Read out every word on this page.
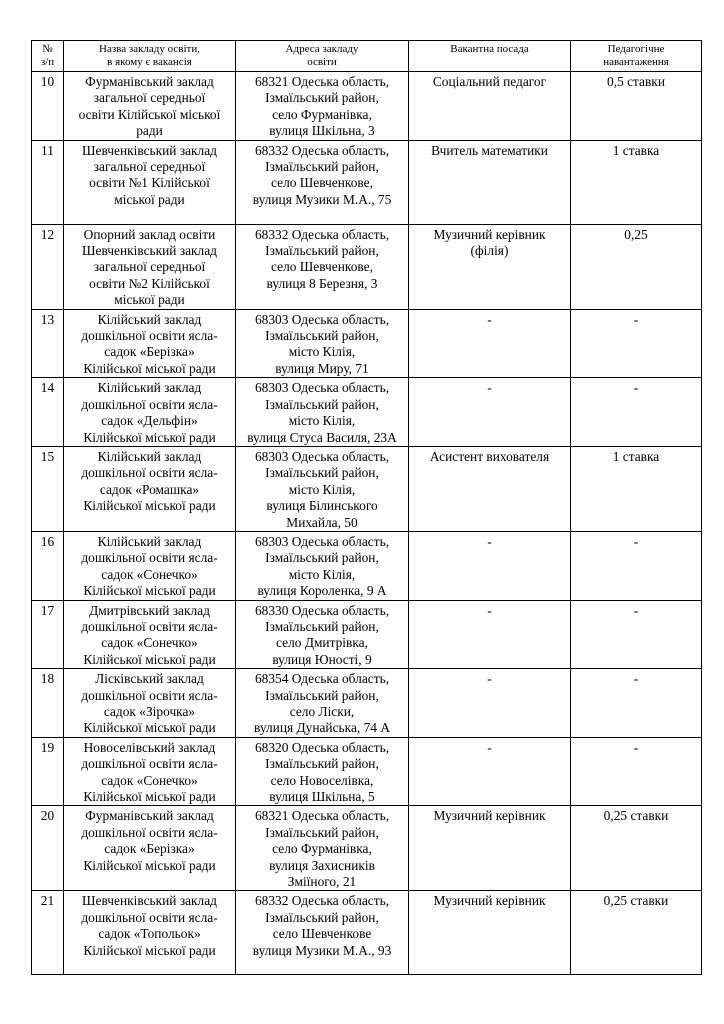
№
з/п	Назва закладу освіти,
в якому є вакансія	Адреса закладу
освіти	Вакантна посада	Педагогічне
навантаження
10	Фурманівський заклад
загальної середньої
освіти Кілійської міської
ради	68321 Одеська область,
Ізмаїльський район,
село Фурманівка,
вулиця Шкільна, 3	Соціальний педагог	0,5 ставки
11	Шевченківський заклад
загальної середньої
освіти №1 Кілійської
міської ради	68332 Одеська область,
Ізмаїльський район,
село Шевченкове,
вулиця Музики М.А., 75	Вчитель математики	1 ставка
12	Опорний заклад освіти
Шевченківський заклад
загальної середньої
освіти №2 Кілійської
міської ради	68332 Одеська область,
Ізмаїльський район,
село Шевченкове,
вулиця 8 Березня, 3	Музичний керівник
(філія)	0,25
13	Кілійський заклад
дошкільної освіти ясла-
садок «Берізка»
Кілійської міської ради	68303 Одеська область,
Ізмаїльський район,
місто Кілія,
вулиця Миру, 71	-	-
14	Кілійський заклад
дошкільної освіти ясла-
садок «Дельфін»
Кілійської міської ради	68303 Одеська область,
Ізмаїльський район,
місто Кілія,
вулиця Стуса Василя, 23А	-	-
15	Кілійський заклад
дошкільної освіти ясла-
садок «Ромашка»
Кілійської міської ради	68303 Одеська область,
Ізмаїльський район,
місто Кілія,
вулиця Білинського
Михайла, 50	Асистент вихователя	1 ставка
16	Кілійський заклад
дошкільної освіти ясла-
садок «Сонечко»
Кілійської міської ради	68303 Одеська область,
Ізмаїльський район,
місто Кілія,
вулиця Короленка, 9 А	-	-
17	Дмитрівський заклад
дошкільної освіти ясла-
садок «Сонечко»
Кілійської міської ради	68330 Одеська область,
Ізмаїльський район,
село Дмитрівка,
вулиця Юності, 9	-	-
18	Лісківський заклад
дошкільної освіти ясла-
садок «Зірочка»
Кілійської міської ради	68354 Одеська область,
Ізмаїльський район,
село Ліски,
вулиця Дунайська, 74 А	-	-
19	Новоселівський заклад
дошкільної освіти ясла-
садок «Сонечко»
Кілійської міської ради	68320 Одеська область,
Ізмаїльський район,
село Новоселівка,
вулиця Шкільна, 5	-	-
20	Фурманівський заклад
дошкільної освіти ясла-
садок «Берізка»
Кілійської міської ради	68321 Одеська область,
Ізмаїльський район,
село Фурманівка,
вулиця Захисників
Зміїного, 21	Музичний керівник	0,25 ставки
21	Шевченківський заклад
дошкільної освіти ясла-
садок «Топольок»
Кілійської міської ради	68332 Одеська область,
Ізмаїльський район,
село Шевченкове
вулиця Музики М.А., 93	Музичний керівник	0,25 ставки
